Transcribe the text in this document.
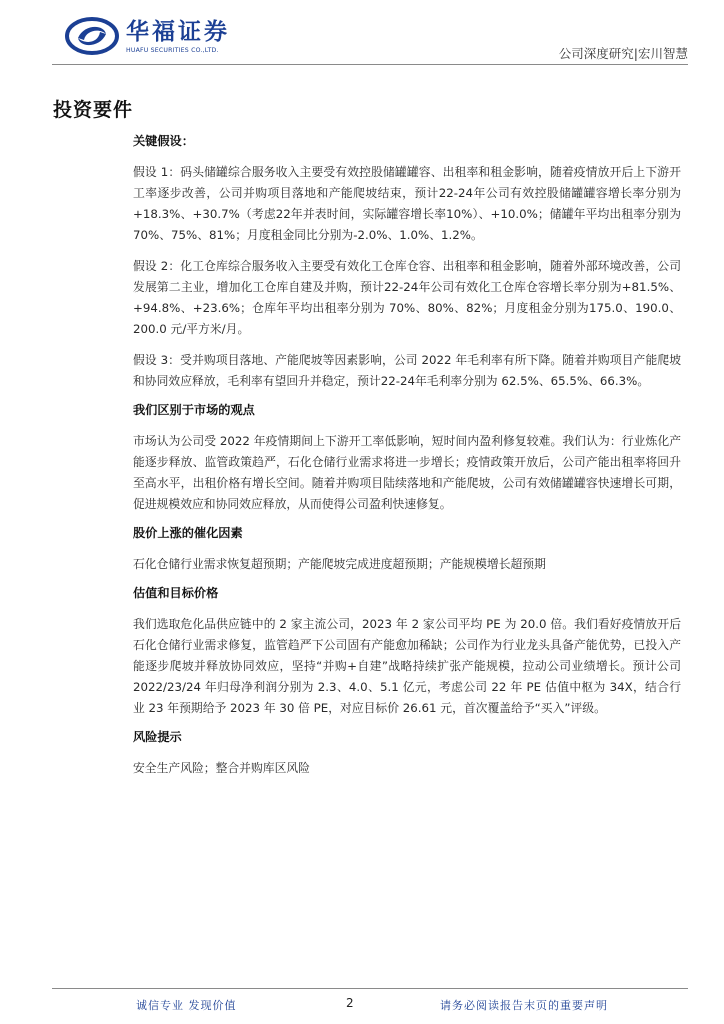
华福证券
HUAFU SECURITIES CO.,LTD.	公司深度研究|宏川智慧
投资要件
关键假设：

假设 1：码头储罐综合服务收入主要受有效控股储罐罐容、出租率和租金影响，随着疫情放开后上下游开工率逐步改善，公司并购项目落地和产能爬坡结束，预计22-24年公司有效控股储罐罐容增长率分别为+18.3%、+30.7%（考虑22年并表时间，实际罐容增长率10%）、+10.0%；储罐年平均出租率分别为70%、75%、81%；月度租金同比分别为-2.0%、1.0%、1.2%。

假设 2：化工仓库综合服务收入主要受有效化工仓库仓容、出租率和租金影响，随着外部环境改善，公司发展第二主业，增加化工仓库自建及并购，预计22-24年公司有效化工仓库仓容增长率分别为+81.5%、+94.8%、+23.6%；仓库年平均出租率分别为 70%、80%、82%；月度租金分别为175.0、190.0、200.0 元/平方米/月。

假设 3：受并购项目落地、产能爬坡等因素影响，公司 2022 年毛利率有所下降。随着并购项目产能爬坡和协同效应释放，毛利率有望回升并稳定，预计22-24年毛利率分别为 62.5%、65.5%、66.3%。

我们区别于市场的观点

市场认为公司受 2022 年疫情期间上下游开工率低影响，短时间内盈利修复较难。我们认为：行业炼化产能逐步释放、监管政策趋严，石化仓储行业需求将进一步增长；疫情政策开放后，公司产能出租率将回升至高水平，出租价格有增长空间。随着并购项目陆续落地和产能爬坡，公司有效储罐罐容快速增长可期，促进规模效应和协同效应释放，从而使得公司盈利快速修复。

股价上涨的催化因素

石化仓储行业需求恢复超预期；产能爬坡完成进度超预期；产能规模增长超预期

估值和目标价格

我们选取危化品供应链中的 2 家主流公司，2023 年 2 家公司平均 PE 为 20.0 倍。我们看好疫情放开后石化仓储行业需求修复，监管趋严下公司固有产能愈加稀缺；公司作为行业龙头具备产能优势，已投入产能逐步爬坡并释放协同效应，坚持“并购+自建”战略持续扩张产能规模，拉动公司业绩增长。预计公司 2022/23/24 年归母净利润分别为 2.3、4.0、5.1 亿元，考虑公司 22 年 PE 估值中枢为 34X，结合行业 23 年预期给予 2023 年 30 倍 PE，对应目标价 26.61 元，首次覆盖给予“买入”评级。

风险提示

安全生产风险；整合并购库区风险

诚信专业 发现价值	2	请务必阅读报告末页的重要声明
